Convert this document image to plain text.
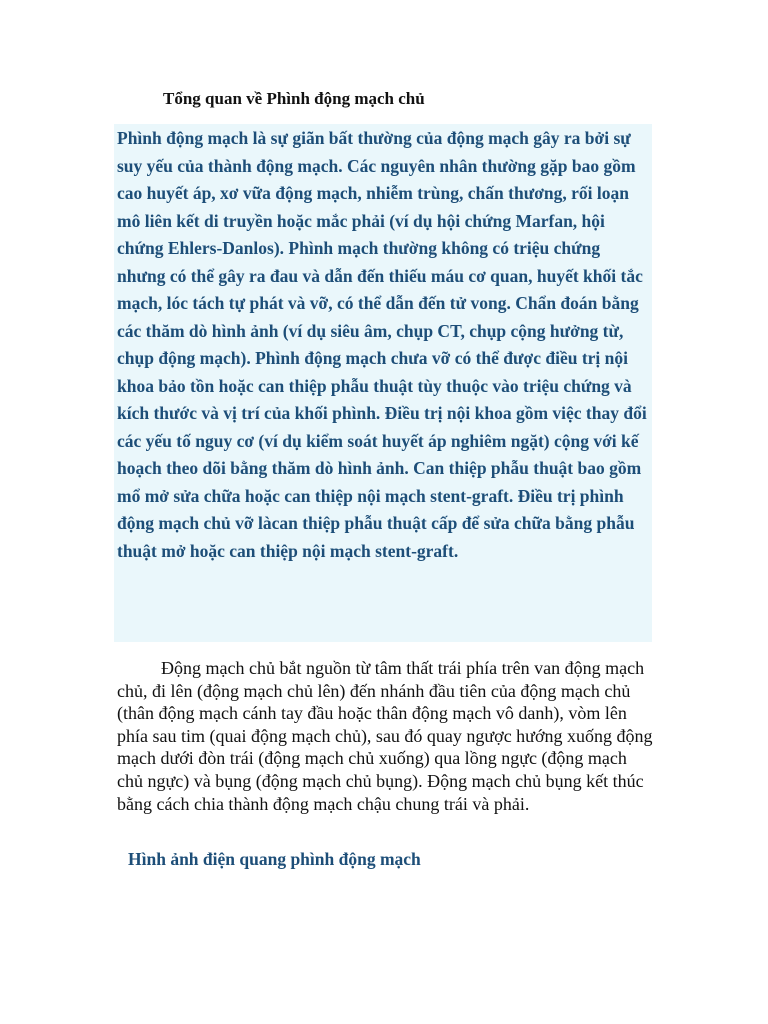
Tổng quan về Phình động mạch chủ

Phình động mạch là sự giãn bất thường của động mạch gây ra bởi sự suy yếu của thành động mạch. Các nguyên nhân thường gặp bao gồm cao huyết áp, xơ vữa động mạch, nhiễm trùng, chấn thương, rối loạn mô liên kết di truyền hoặc mắc phải (ví dụ hội chứng Marfan, hội chứng Ehlers-Danlos). Phình mạch thường không có triệu chứng nhưng có thể gây ra đau và dẫn đến thiếu máu cơ quan, huyết khối tắc mạch, lóc tách tự phát và vỡ, có thể dẫn đến tử vong. Chẩn đoán bằng các thăm dò hình ảnh (ví dụ siêu âm, chụp CT, chụp cộng hưởng từ, chụp động mạch). Phình động mạch chưa vỡ có thể được điều trị nội khoa bảo tồn hoặc can thiệp phẫu thuật tùy thuộc vào triệu chứng và kích thước và vị trí của khối phình. Điều trị nội khoa gồm việc thay đổi các yếu tố nguy cơ (ví dụ kiểm soát huyết áp nghiêm ngặt) cộng với kế hoạch theo dõi bằng thăm dò hình ảnh. Can thiệp phẫu thuật bao gồm mổ mở sửa chữa hoặc can thiệp nội mạch stent-graft. Điều trị phình động mạch chủ vỡ làcan thiệp phẫu thuật cấp để sửa chữa bằng phẫu thuật mở hoặc can thiệp nội mạch stent-graft.

Động mạch chủ bắt nguồn từ tâm thất trái phía trên van động mạch chủ, đi lên (động mạch chủ lên) đến nhánh đầu tiên của động mạch chủ (thân động mạch cánh tay đầu hoặc thân động mạch vô danh), vòm lên phía sau tim (quai động mạch chủ), sau đó quay ngược hướng xuống động mạch dưới đòn trái (động mạch chủ xuống) qua lồng ngực (động mạch chủ ngực) và bụng (động mạch chủ bụng). Động mạch chủ bụng kết thúc bằng cách chia thành động mạch chậu chung trái và phải.

Hình ảnh điện quang phình động mạch
